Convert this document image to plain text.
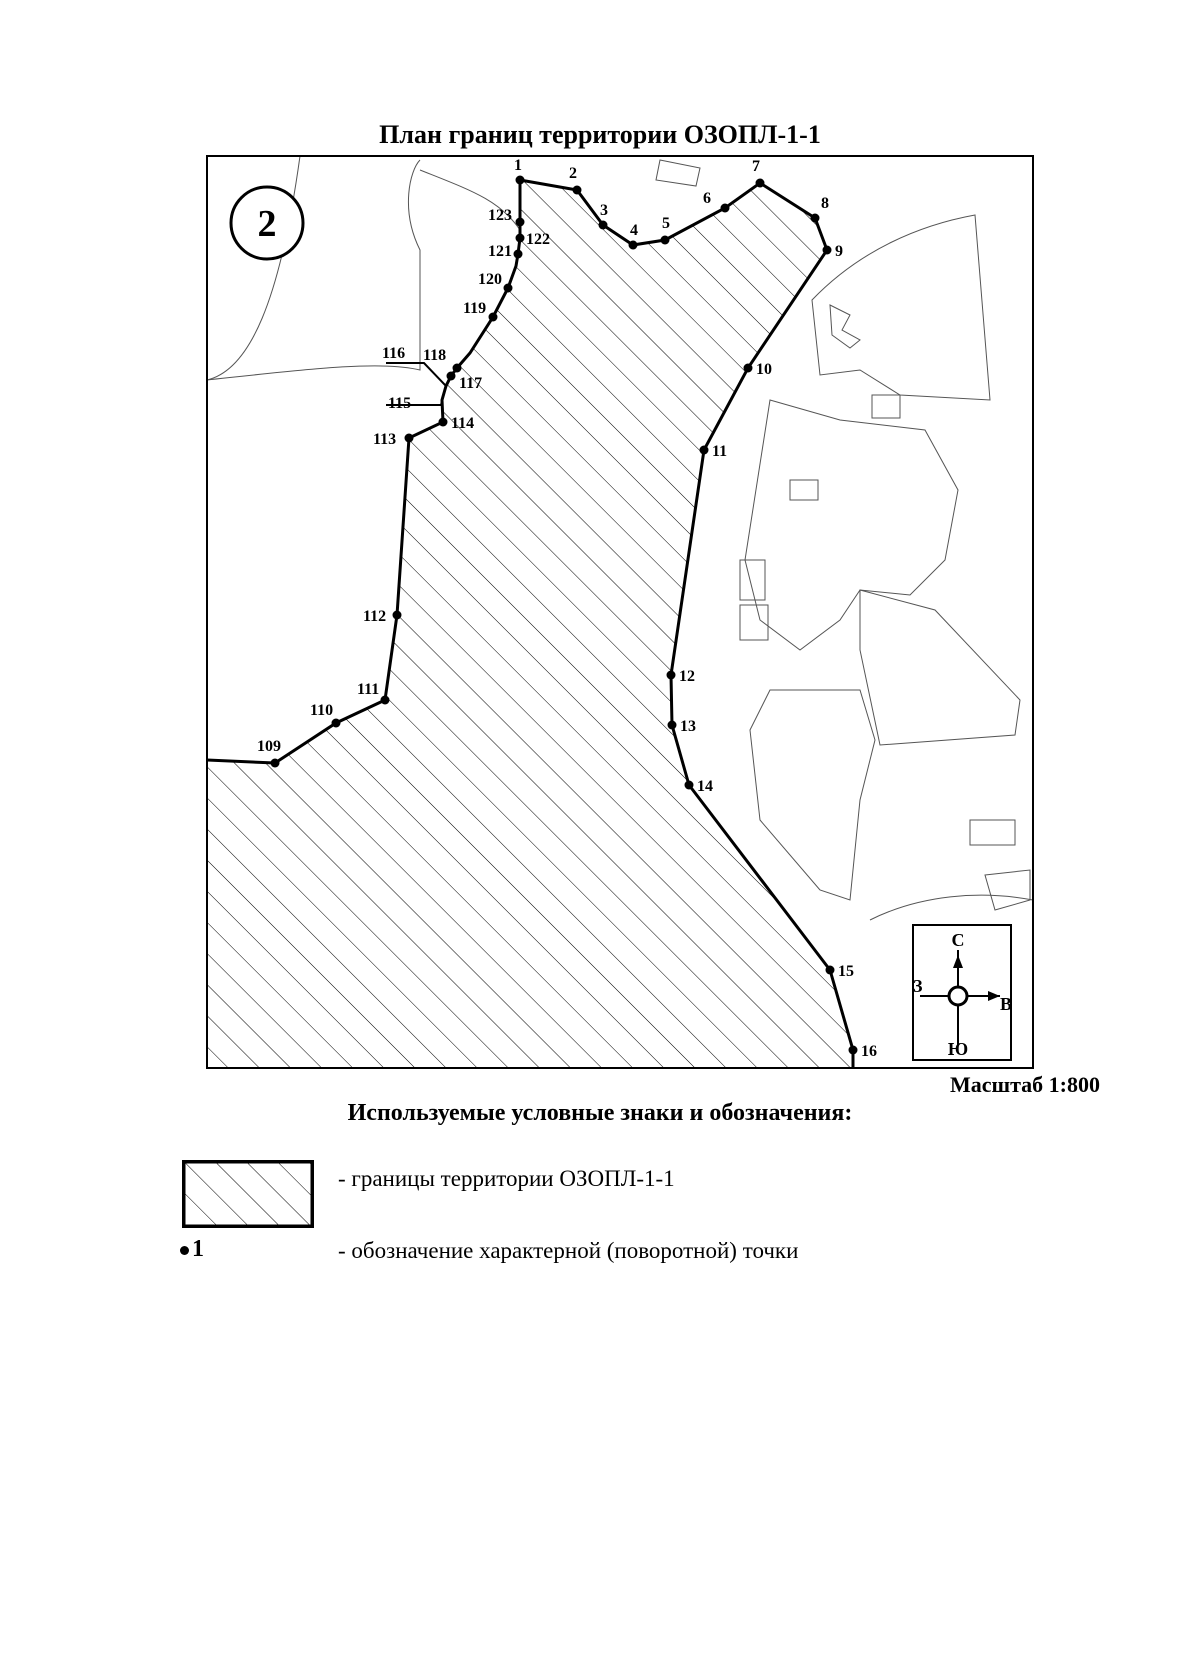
План границ территории ОЗОПЛ-1-1
1	2
3
4 5
6
7
8
9
10
11
12
13
14
15
16
109
110
111
112
113
114
115
116
117
118
119
120
121
122
123
2
С
Ю
В
З
Масштаб 1:800
Используемые условные знаки и обозначения:
- границы территории ОЗОПЛ-1-1
1	- обозначение характерной (поворотной) точки
